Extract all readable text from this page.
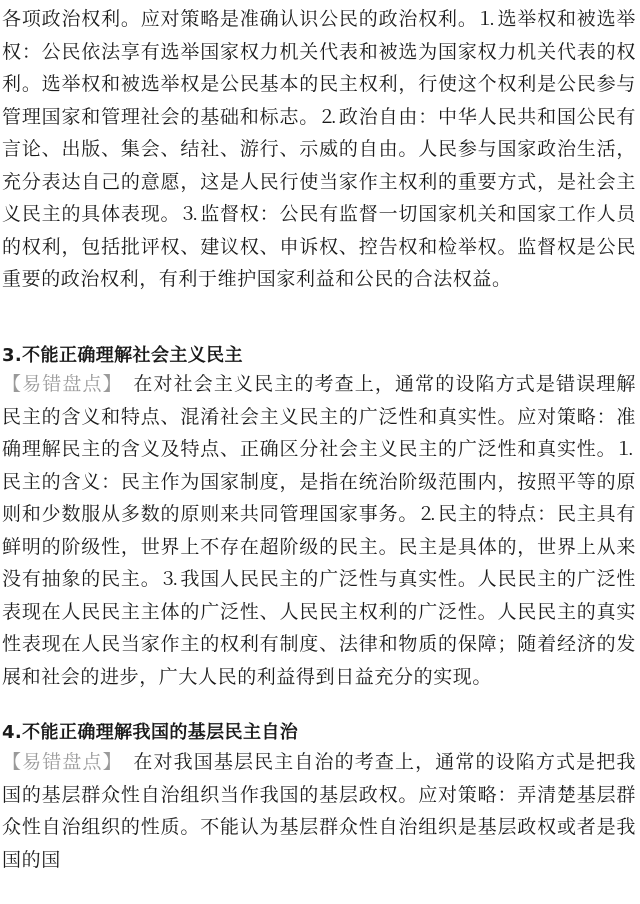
各项政治权利。应对策略是准确认识公民的政治权利。⒈选举权和被选举权：公民依法享有选举国家权力机关代表和被选为国家权力机关代表的权利。选举权和被选举权是公民基本的民主权利，行使这个权利是公民参与管理国家和管理社会的基础和标志。⒉政治自由：中华人民共和国公民有言论、出版、集会、结社、游行、示威的自由。人民参与国家政治生活，充分表达自己的意愿，这是人民行使当家作主权利的重要方式，是社会主义民主的具体表现。⒊监督权：公民有监督一切国家机关和国家工作人员的权利，包括批评权、建议权、申诉权、控告权和检举权。监督权是公民重要的政治权利，有利于维护国家利益和公民的合法权益。
3.不能正确理解社会主义民主
【易错盘点】　 在对社会主义民主的考查上，通常的设陷方式是错误理解民主的含义和特点、混淆社会主义民主的广泛性和真实性。应对策略：准确理解民主的含义及特点、正确区分社会主义民主的广泛性和真实性。⒈民主的含义：民主作为国家制度，是指在统治阶级范围内，按照平等的原则和少数服从多数的原则来共同管理国家事务。⒉民主的特点：民主具有鲜明的阶级性，世界上不存在超阶级的民主。民主是具体的，世界上从来没有抽象的民主。⒊我国人民民主的广泛性与真实性。人民民主的广泛性表现在人民民主主体的广泛性、人民民主权利的广泛性。人民民主的真实性表现在人民当家作主的权利有制度、法律和物质的保障；随着经济的发展和社会的进步，广大人民的利益得到日益充分的实现。
4.不能正确理解我国的基层民主自治
【易错盘点】　 在对我国基层民主自治的考查上，通常的设陷方式是把我国的基层群众性自治组织当作我国的基层政权。应对策略：弄清楚基层群众性自治组织的性质。不能认为基层群众性自治组织是基层政权或者是我国的国
